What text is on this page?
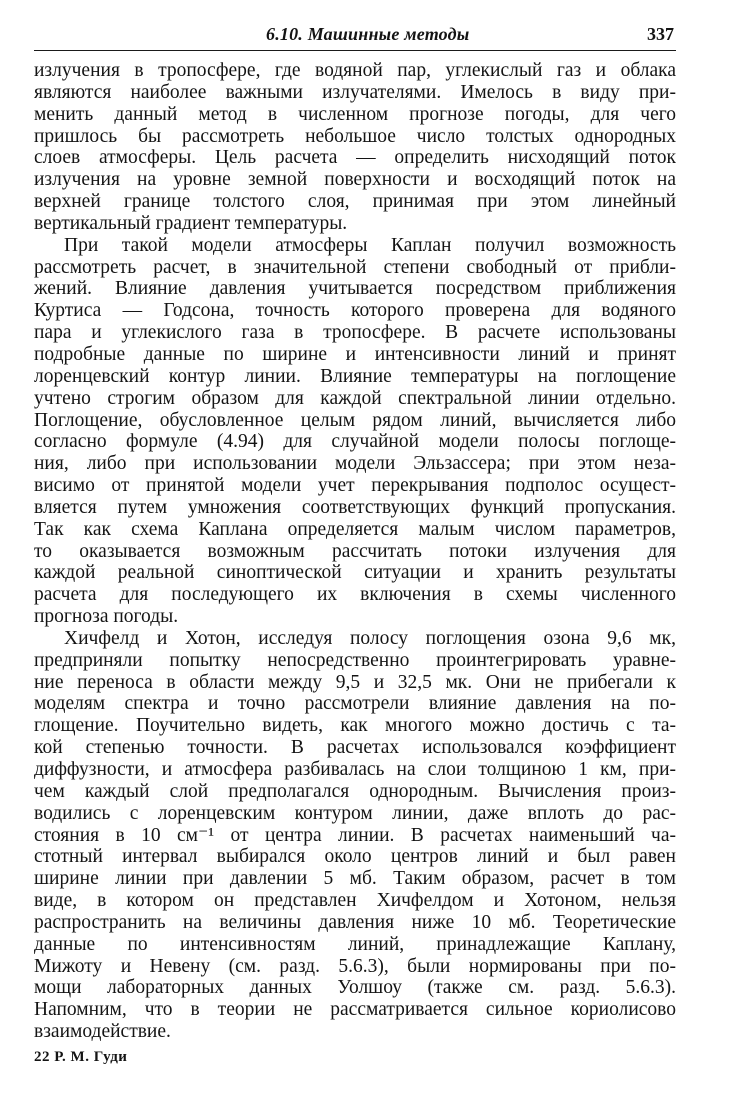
6.10. Машинные методы	337
излучения в тропосфере, где водяной пар, углекислый газ и облака
являются наиболее важными излучателями. Имелось в виду при-
менить данный метод в численном прогнозе погоды, для чего
пришлось бы рассмотреть небольшое число толстых однородных
слоев атмосферы. Цель расчета — определить нисходящий поток
излучения на уровне земной поверхности и восходящий поток на
верхней границе толстого слоя, принимая при этом линейный
вертикальный градиент температуры.
При такой модели атмосферы Каплан получил возможность
рассмотреть расчет, в значительной степени свободный от прибли-
жений. Влияние давления учитывается посредством приближения
Куртиса — Годсона, точность которого проверена для водяного
пара и углекислого газа в тропосфере. В расчете использованы
подробные данные по ширине и интенсивности линий и принят
лоренцевский контур линии. Влияние температуры на поглощение
учтено строгим образом для каждой спектральной линии отдельно.
Поглощение, обусловленное целым рядом линий, вычисляется либо
согласно формуле (4.94) для случайной модели полосы поглоще-
ния, либо при использовании модели Эльзассера; при этом неза-
висимо от принятой модели учет перекрывания подполос осущест-
вляется путем умножения соответствующих функций пропускания.
Так как схема Каплана определяется малым числом параметров,
то оказывается возможным рассчитать потоки излучения для
каждой реальной синоптической ситуации и хранить результаты
расчета для последующего их включения в схемы численного
прогноза погоды.
Хичфелд и Хотон, исследуя полосу поглощения озона 9,6 мк,
предприняли попытку непосредственно проинтегрировать уравне-
ние переноса в области между 9,5 и 32,5 мк. Они не прибегали к
моделям спектра и точно рассмотрели влияние давления на по-
глощение. Поучительно видеть, как многого можно достичь с та-
кой степенью точности. В расчетах использовался коэффициент
диффузности, и атмосфера разбивалась на слои толщиною 1 км, при-
чем каждый слой предполагался однородным. Вычисления произ-
водились с лоренцевским контуром линии, даже вплоть до рас-
стояния в 10 см⁻¹ от центра линии. В расчетах наименьший ча-
стотный интервал выбирался около центров линий и был равен
ширине линии при давлении 5 мб. Таким образом, расчет в том
виде, в котором он представлен Хичфелдом и Хотоном, нельзя
распространить на величины давления ниже 10 мб. Теоретические
данные по интенсивностям линий, принадлежащие Каплану,
Мижоту и Невену (см. разд. 5.6.3), были нормированы при по-
мощи лабораторных данных Уолшоу (также см. разд. 5.6.3).
Напомним, что в теории не рассматривается сильное кориолисово
взаимодействие.
22 Р. М. Гуди
